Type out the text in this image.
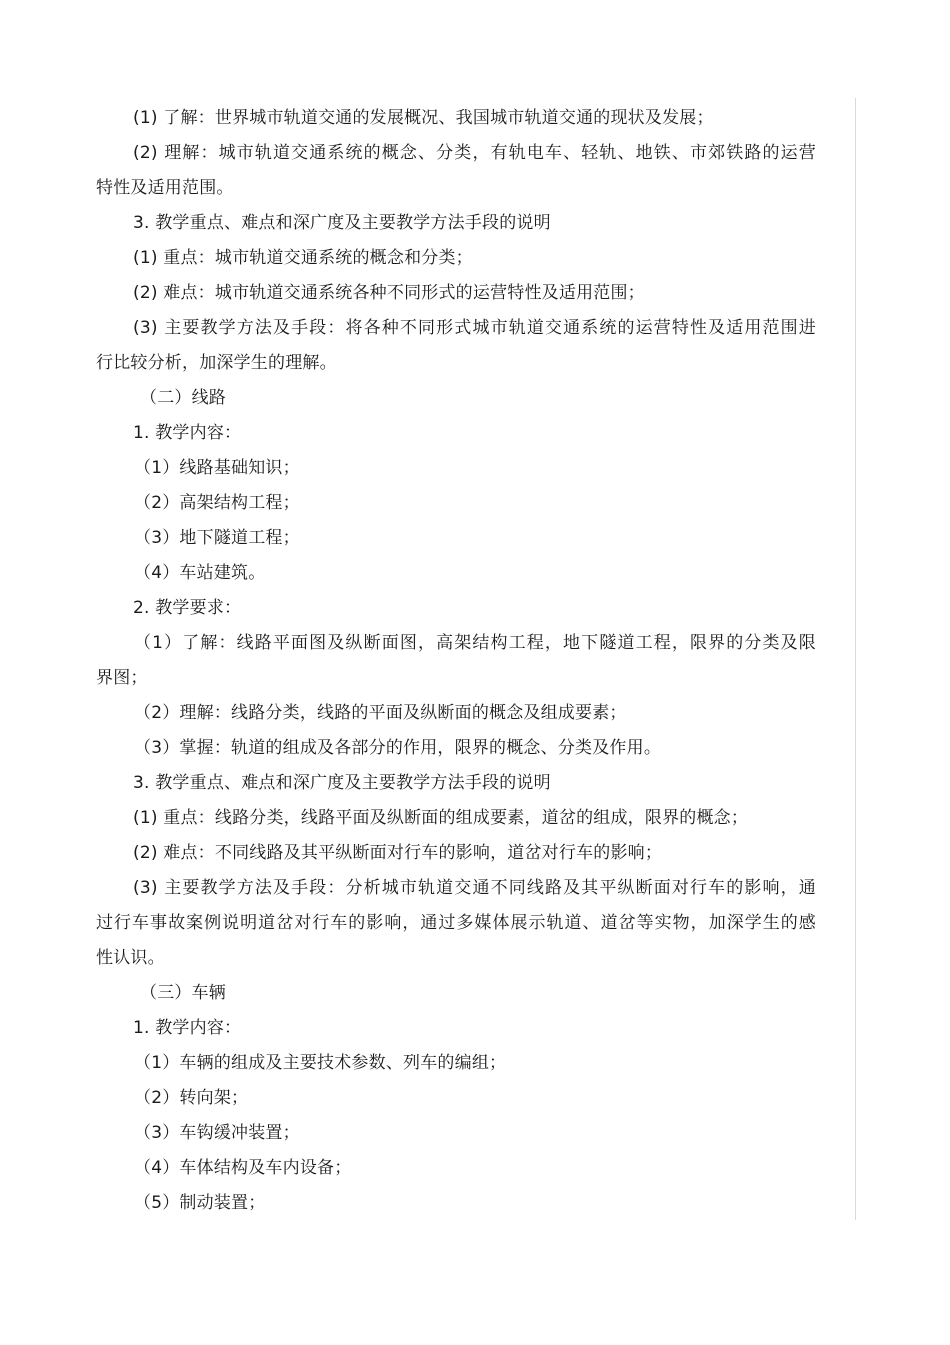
(1) 了解：世界城市轨道交通的发展概况、我国城市轨道交通的现状及发展；
(2) 理解：城市轨道交通系统的概念、分类，有轨电车、轻轨、地铁、市郊铁路的运营
特性及适用范围。
3. 教学重点、难点和深广度及主要教学方法手段的说明
(1) 重点：城市轨道交通系统的概念和分类；
(2) 难点：城市轨道交通系统各种不同形式的运营特性及适用范围；
(3) 主要教学方法及手段：将各种不同形式城市轨道交通系统的运营特性及适用范围进
行比较分析，加深学生的理解。
（二）线路
1. 教学内容：
（1）线路基础知识；
（2）高架结构工程；
（3）地下隧道工程；
（4）车站建筑。
2. 教学要求：
（1）了解：线路平面图及纵断面图，高架结构工程，地下隧道工程，限界的分类及限
界图；
（2）理解：线路分类，线路的平面及纵断面的概念及组成要素；
（3）掌握：轨道的组成及各部分的作用，限界的概念、分类及作用。
3. 教学重点、难点和深广度及主要教学方法手段的说明
(1) 重点：线路分类，线路平面及纵断面的组成要素，道岔的组成，限界的概念；
(2) 难点：不同线路及其平纵断面对行车的影响，道岔对行车的影响；
(3) 主要教学方法及手段：分析城市轨道交通不同线路及其平纵断面对行车的影响，通
过行车事故案例说明道岔对行车的影响，通过多媒体展示轨道、道岔等实物，加深学生的感
性认识。
（三）车辆
1. 教学内容：
（1）车辆的组成及主要技术参数、列车的编组；
（2）转向架；
（3）车钩缓冲装置；
（4）车体结构及车内设备；
（5）制动装置；
